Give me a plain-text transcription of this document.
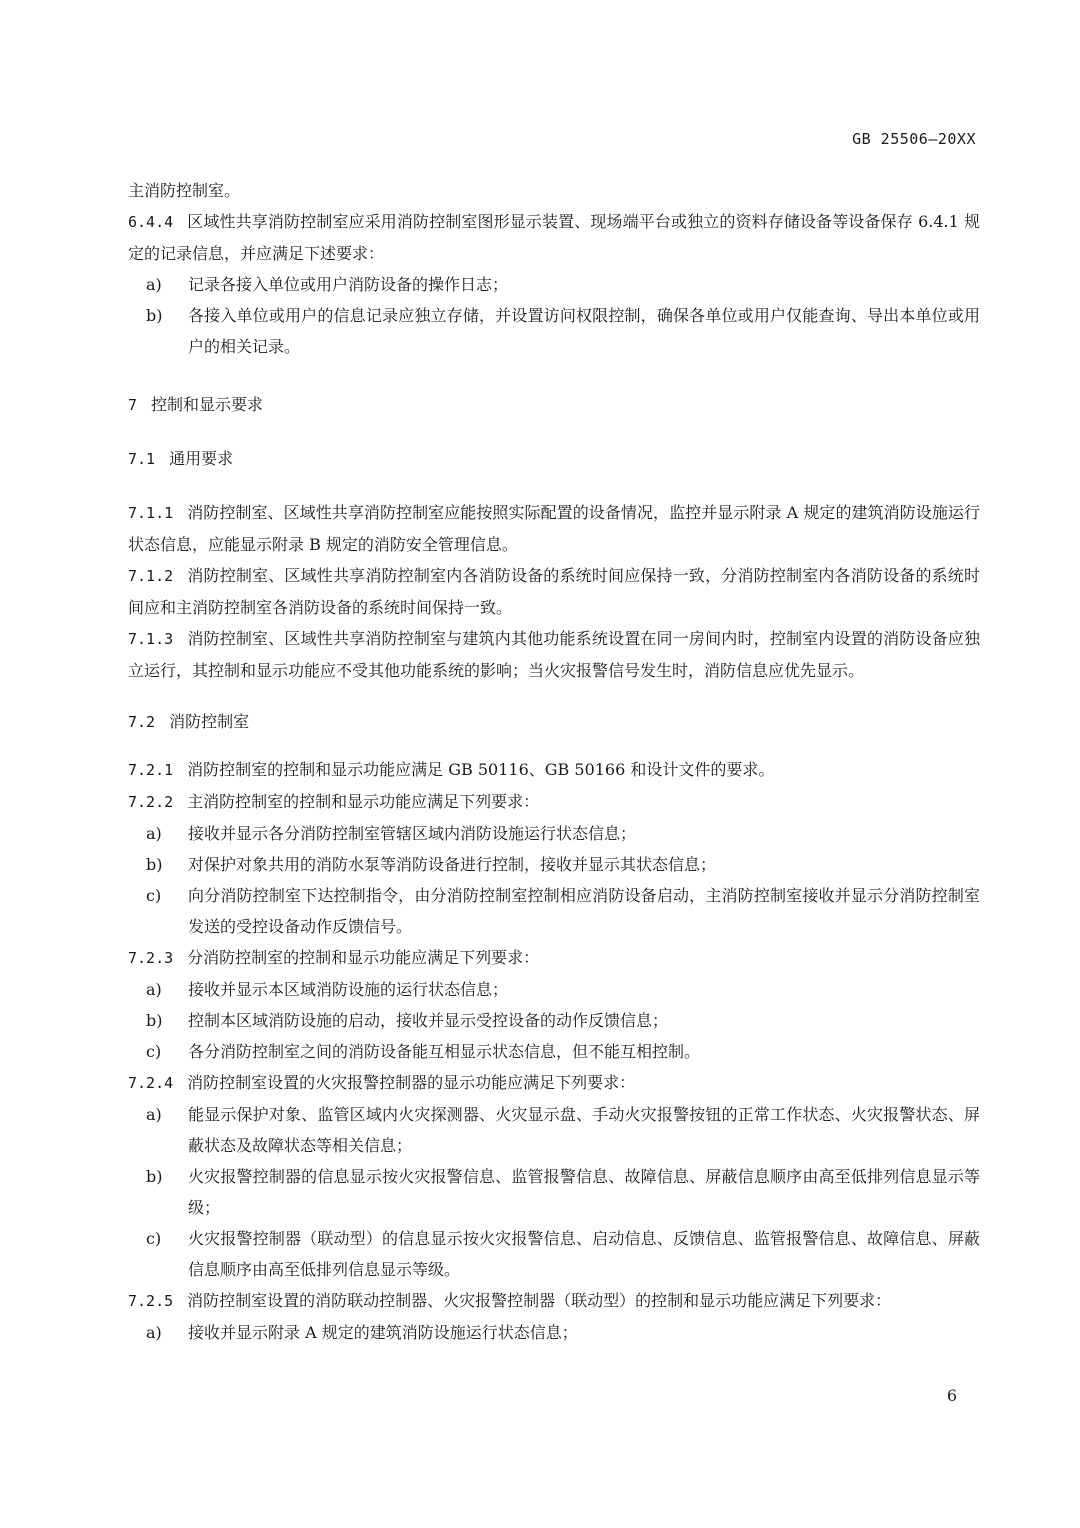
GB 25506—20XX

主消防控制室。

6.4.4 区域性共享消防控制室应采用消防控制室图形显示装置、现场端平台或独立的资料存储设备等设备保存 6.4.1 规定的记录信息，并应满足下述要求：

a)	记录各接入单位或用户消防设备的操作日志；
b)	各接入单位或用户的信息记录应独立存储，并设置访问权限控制，确保各单位或用户仅能查询、导出本单位或用户的相关记录。

7 控制和显示要求

7.1 通用要求

7.1.1 消防控制室、区域性共享消防控制室应能按照实际配置的设备情况，监控并显示附录 A 规定的建筑消防设施运行状态信息，应能显示附录 B 规定的消防安全管理信息。

7.1.2 消防控制室、区域性共享消防控制室内各消防设备的系统时间应保持一致，分消防控制室内各消防设备的系统时间应和主消防控制室各消防设备的系统时间保持一致。

7.1.3 消防控制室、区域性共享消防控制室与建筑内其他功能系统设置在同一房间内时，控制室内设置的消防设备应独立运行，其控制和显示功能应不受其他功能系统的影响；当火灾报警信号发生时，消防信息应优先显示。

7.2 消防控制室

7.2.1 消防控制室的控制和显示功能应满足 GB 50116、GB 50166 和设计文件的要求。

7.2.2 主消防控制室的控制和显示功能应满足下列要求：

a)	接收并显示各分消防控制室管辖区域内消防设施运行状态信息；
b)	对保护对象共用的消防水泵等消防设备进行控制，接收并显示其状态信息；
c)	向分消防控制室下达控制指令，由分消防控制室控制相应消防设备启动，主消防控制室接收并显示分消防控制室发送的受控设备动作反馈信号。

7.2.3 分消防控制室的控制和显示功能应满足下列要求：

a)	接收并显示本区域消防设施的运行状态信息；
b)	控制本区域消防设施的启动，接收并显示受控设备的动作反馈信息；
c)	各分消防控制室之间的消防设备能互相显示状态信息，但不能互相控制。

7.2.4 消防控制室设置的火灾报警控制器的显示功能应满足下列要求：

a)	能显示保护对象、监管区域内火灾探测器、火灾显示盘、手动火灾报警按钮的正常工作状态、火灾报警状态、屏蔽状态及故障状态等相关信息；
b)	火灾报警控制器的信息显示按火灾报警信息、监管报警信息、故障信息、屏蔽信息顺序由高至低排列信息显示等级；
c)	火灾报警控制器（联动型）的信息显示按火灾报警信息、启动信息、反馈信息、监管报警信息、故障信息、屏蔽信息顺序由高至低排列信息显示等级。

7.2.5 消防控制室设置的消防联动控制器、火灾报警控制器（联动型）的控制和显示功能应满足下列要求：

a)	接收并显示附录 A 规定的建筑消防设施运行状态信息；
6
